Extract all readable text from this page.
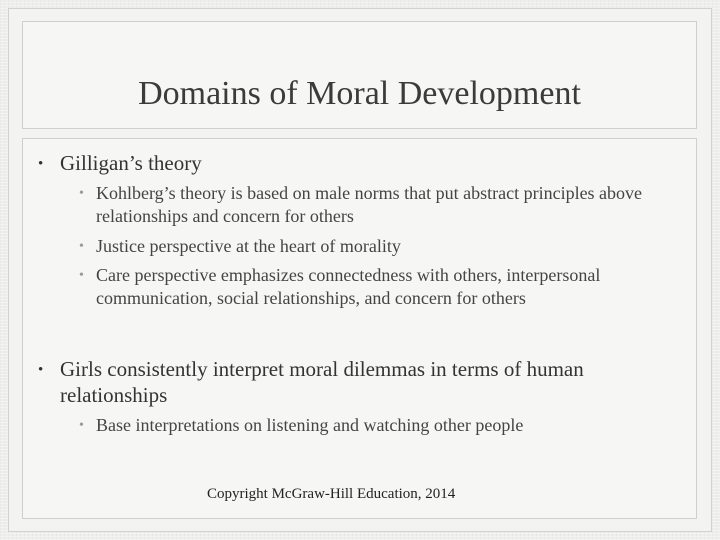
Domains of Moral Development
• Gilligan’s theory
• Kohlberg’s theory is based on male norms that put abstract principles above relationships and concern for others
• Justice perspective at the heart of morality
• Care perspective emphasizes connectedness with others, interpersonal communication, social relationships, and concern for others
• Girls consistently interpret moral dilemmas in terms of human relationships
• Base interpretations on listening and watching other people
Copyright McGraw-Hill Education, 2014
